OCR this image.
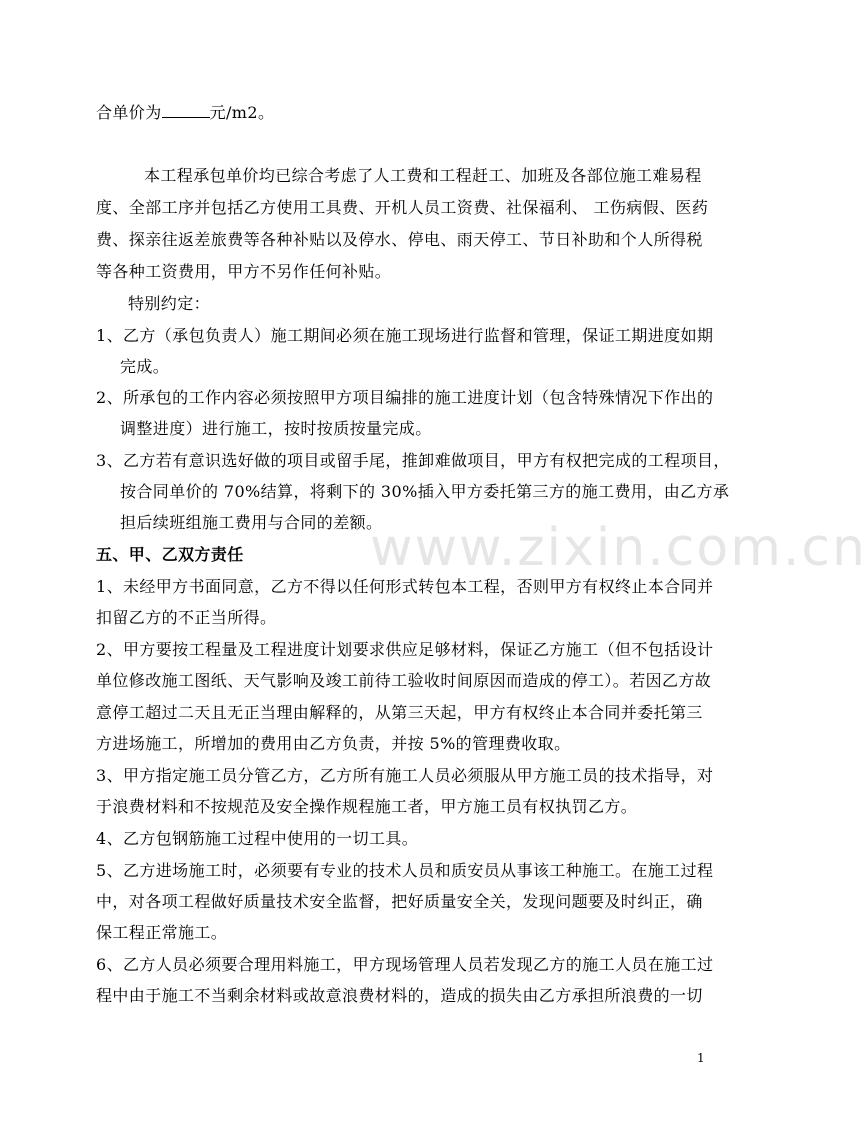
合单价为	元/m2。
本工程承包单价均已综合考虑了人工费和工程赶工、加班及各部位施工难易程
度、全部工序并包括乙方使用工具费、开机人员工资费、社保福利、 工伤病假、医药
费、探亲往返差旅费等各种补贴以及停水、停电、雨天停工、节日补助和个人所得税
等各种工资费用，甲方不另作任何补贴。
特别约定：
1、乙方（承包负责人）施工期间必须在施工现场进行监督和管理，保证工期进度如期
完成。
2、所承包的工作内容必须按照甲方项目编排的施工进度计划（包含特殊情况下作出的
调整进度）进行施工，按时按质按量完成。
3、乙方若有意识选好做的项目或留手尾，推卸难做项目，甲方有权把完成的工程项目，
按合同单价的 70%结算，将剩下的 30%插入甲方委托第三方的施工费用，由乙方承
担后续班组施工费用与合同的差额。
五、甲、乙双方责任
1、未经甲方书面同意，乙方不得以任何形式转包本工程，否则甲方有权终止本合同并
扣留乙方的不正当所得。
2、甲方要按工程量及工程进度计划要求供应足够材料，保证乙方施工（但不包括设计
单位修改施工图纸、天气影响及竣工前待工验收时间原因而造成的停工）。若因乙方故
意停工超过二天且无正当理由解释的，从第三天起，甲方有权终止本合同并委托第三
方进场施工，所增加的费用由乙方负责，并按 5%的管理费收取。
3、甲方指定施工员分管乙方，乙方所有施工人员必须服从甲方施工员的技术指导，对
于浪费材料和不按规范及安全操作规程施工者，甲方施工员有权执罚乙方。
4、乙方包钢筋施工过程中使用的一切工具。
5、乙方进场施工时，必须要有专业的技术人员和质安员从事该工种施工。在施工过程
中，对各项工程做好质量技术安全监督，把好质量安全关，发现问题要及时纠正，确
保工程正常施工。
6、乙方人员必须要合理用料施工，甲方现场管理人员若发现乙方的施工人员在施工过
程中由于施工不当剩余材料或故意浪费材料的，造成的损失由乙方承担所浪费的一切
www.zixin.com.cn
1
